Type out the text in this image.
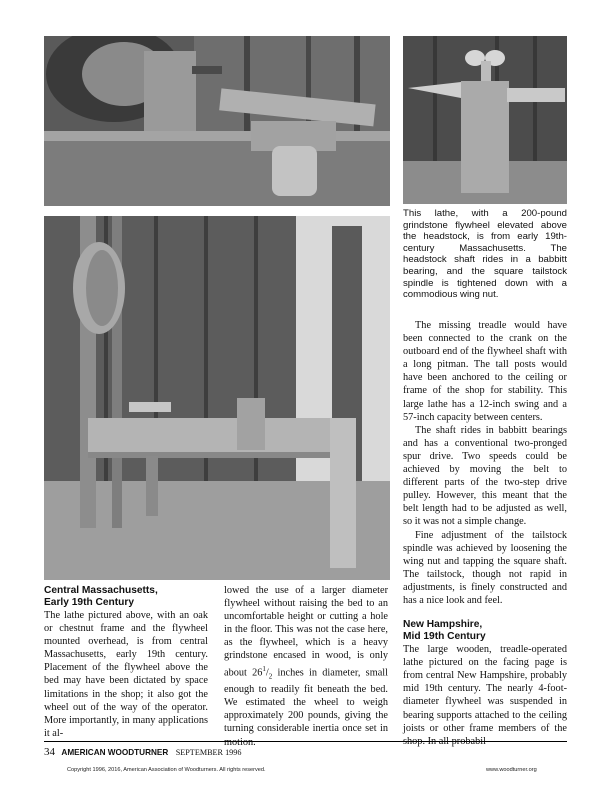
This lathe, with a 200-pound grindstone flywheel elevated above the headstock, is from early 19th-century Massachusetts. The headstock shaft rides in a babbitt bearing, and the square tailstock spindle is tightened down with a commodious wing nut.

Central Massachusetts,
Early 19th Century

The lathe pictured above, with an oak or chestnut frame and the flywheel mounted overhead, is from central Massachusetts, early 19th century. Placement of the flywheel above the bed may have been dictated by space limitations in the shop; it also got the wheel out of the way of the operator. More importantly, in many applications it al-

lowed the use of a larger diameter flywheel without raising the bed to an uncomfortable height or cutting a hole in the floor. This was not the case here, as the flywheel, which is a heavy grindstone encased in wood, is only about $26^1/_2$ inches in diameter, small enough to readily fit beneath the bed. We estimated the wheel to weigh approximately 200 pounds, giving the turning considerable inertia once set in motion.

The missing treadle would have been connected to the crank on the outboard end of the flywheel shaft with a long pitman. The tall posts would have been anchored to the ceiling or frame of the shop for stability. This large lathe has a 12-inch swing and a 57-inch capacity between centers.

The shaft rides in babbitt bearings and has a conventional two-pronged spur drive. Two speeds could be achieved by moving the belt to different parts of the two-step drive pulley. However, this meant that the belt length had to be adjusted as well, so it was not a simple change.

Fine adjustment of the tailstock spindle was achieved by loosening the wing nut and tapping the square shaft. The tailstock, though not rapid in adjustments, is finely constructed and has a nice look and feel.

New Hampshire,
Mid 19th Century

The large wooden, treadle-operated lathe pictured on the facing page is from central New Hampshire, probably mid 19th century. The nearly 4-foot-diameter flywheel was suspended in bearing supports attached to the ceiling joists or other frame members of the shop. In all probabil-

34 AMERICAN WOODTURNER SEPTEMBER 1996
Copyright 1996, 2016, American Association of Woodturners. All rights reserved.	www.woodturner.org
